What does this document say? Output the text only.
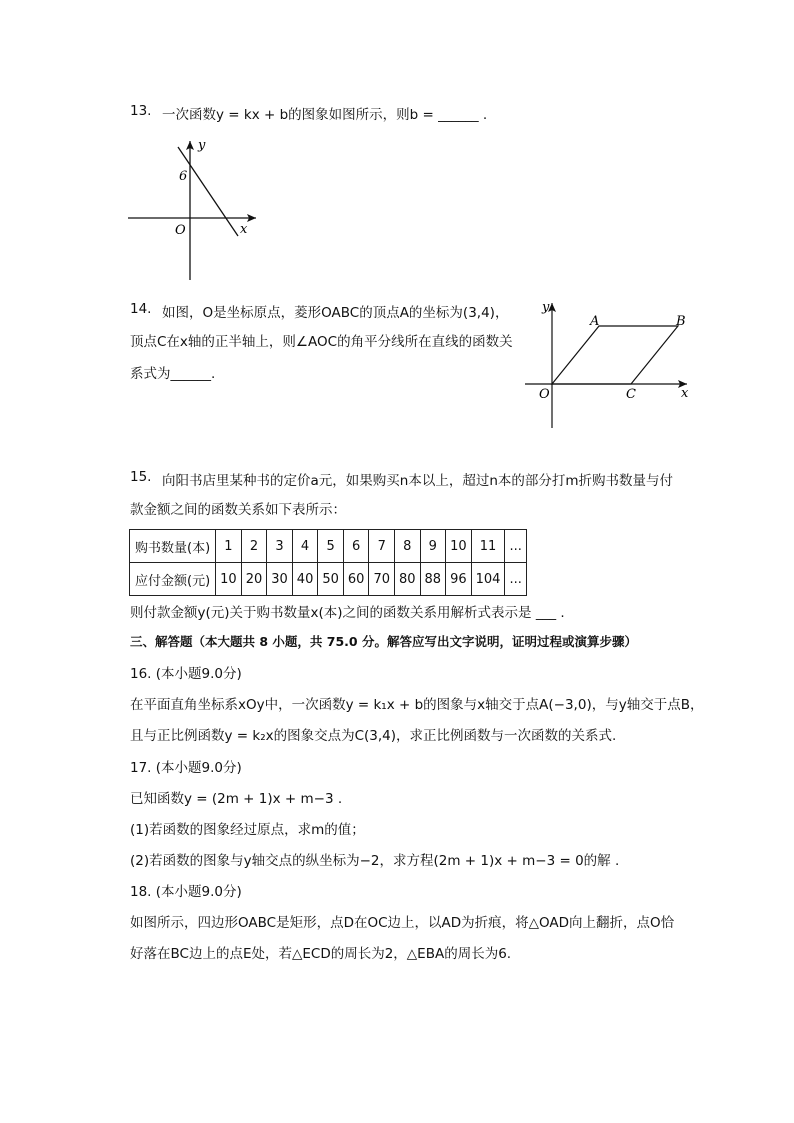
13. 一次函数y = kx + b的图象如图所示，则b = ______ .
y
x
O
6
14. 如图，O是坐标原点，菱形OABC的顶点A的坐标为(3,4)，
顶点C在x轴的正半轴上，则∠AOC的角平分线所在直线的函数关
系式为______.
y
x
O
A	B
C
15. 向阳书店里某种书的定价a元，如果购买n本以上，超过n本的部分打m折购书数量与付
款金额之间的函数关系如下表所示：
购书数量(本)	1	2	3	4	5	6	7	8	9	10	11	...
应付金额(元)	10	20	30	40	50	60	70	80	88	96	104	...
则付款金额y(元)关于购书数量x(本)之间的函数关系用解析式表示是 ___ .
三、解答题（本大题共 8 小题，共 75.0 分。解答应写出文字说明，证明过程或演算步骤）
16. (本小题9.0分)
在平面直角坐标系xOy中，一次函数y = k₁x + b的图象与x轴交于点A(−3,0)，与y轴交于点B，
且与正比例函数y = k₂x的图象交点为C(3,4)，求正比例函数与一次函数的关系式.
17. (本小题9.0分)
已知函数y = (2m + 1)x + m−3 .
(1)若函数的图象经过原点，求m的值；
(2)若函数的图象与y轴交点的纵坐标为−2，求方程(2m + 1)x + m−3 = 0的解 .
18. (本小题9.0分)
如图所示，四边形OABC是矩形，点D在OC边上，以AD为折痕，将△OAD向上翻折，点O恰
好落在BC边上的点E处，若△ECD的周长为2，△EBA的周长为6.
